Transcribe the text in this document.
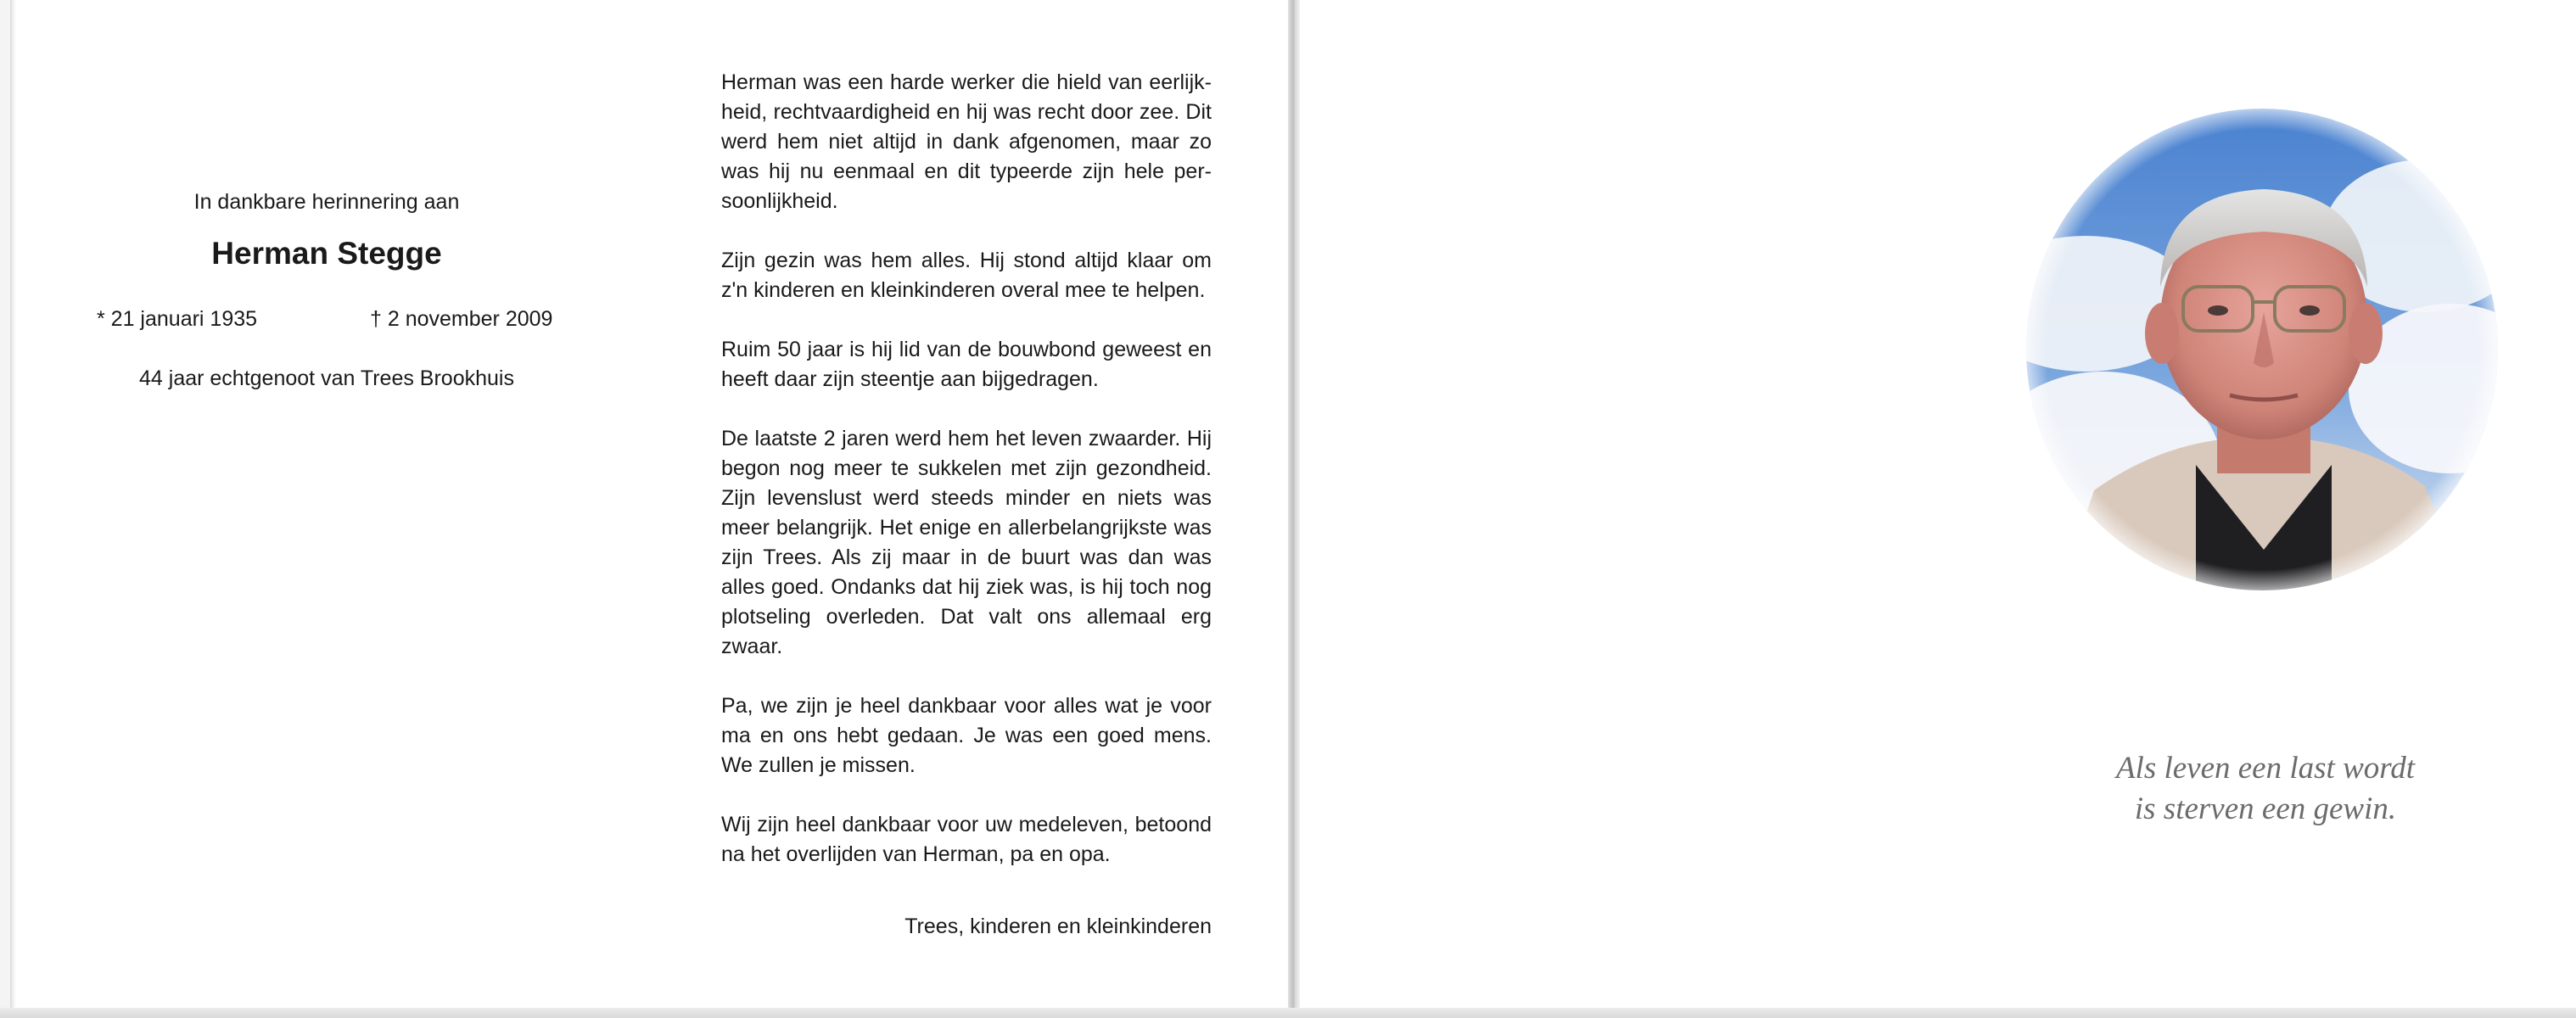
In dankbare herinnering aan
Herman Stegge
* 21 januari 1935	† 2 november 2009
44 jaar echtgenoot van Trees Brookhuis

Herman was een harde werker die hield van eerlijk-heid, rechtvaardigheid en hij was recht door zee. Dit werd hem niet altijd in dank afgenomen, maar zo was hij nu eenmaal en dit typeerde zijn hele per-soonlijkheid.

Zijn gezin was hem alles. Hij stond altijd klaar om z'n kinderen en kleinkinderen overal mee te helpen.

Ruim 50 jaar is hij lid van de bouwbond geweest en heeft daar zijn steentje aan bijgedragen.

De laatste 2 jaren werd hem het leven zwaarder. Hij begon nog meer te sukkelen met zijn gezondheid. Zijn levenslust werd steeds minder en niets was meer belangrijk. Het enige en allerbelangrijkste was zijn Trees. Als zij maar in de buurt was dan was alles goed. Ondanks dat hij ziek was, is hij toch nog plotseling overleden. Dat valt ons allemaal erg zwaar.

Pa, we zijn je heel dankbaar voor alles wat je voor ma en ons hebt gedaan. Je was een goed mens. We zullen je missen.

Wij zijn heel dankbaar voor uw medeleven, betoond na het overlijden van Herman, pa en opa.

Trees, kinderen en kleinkinderen
Als leven een last wordt
is sterven een gewin.
